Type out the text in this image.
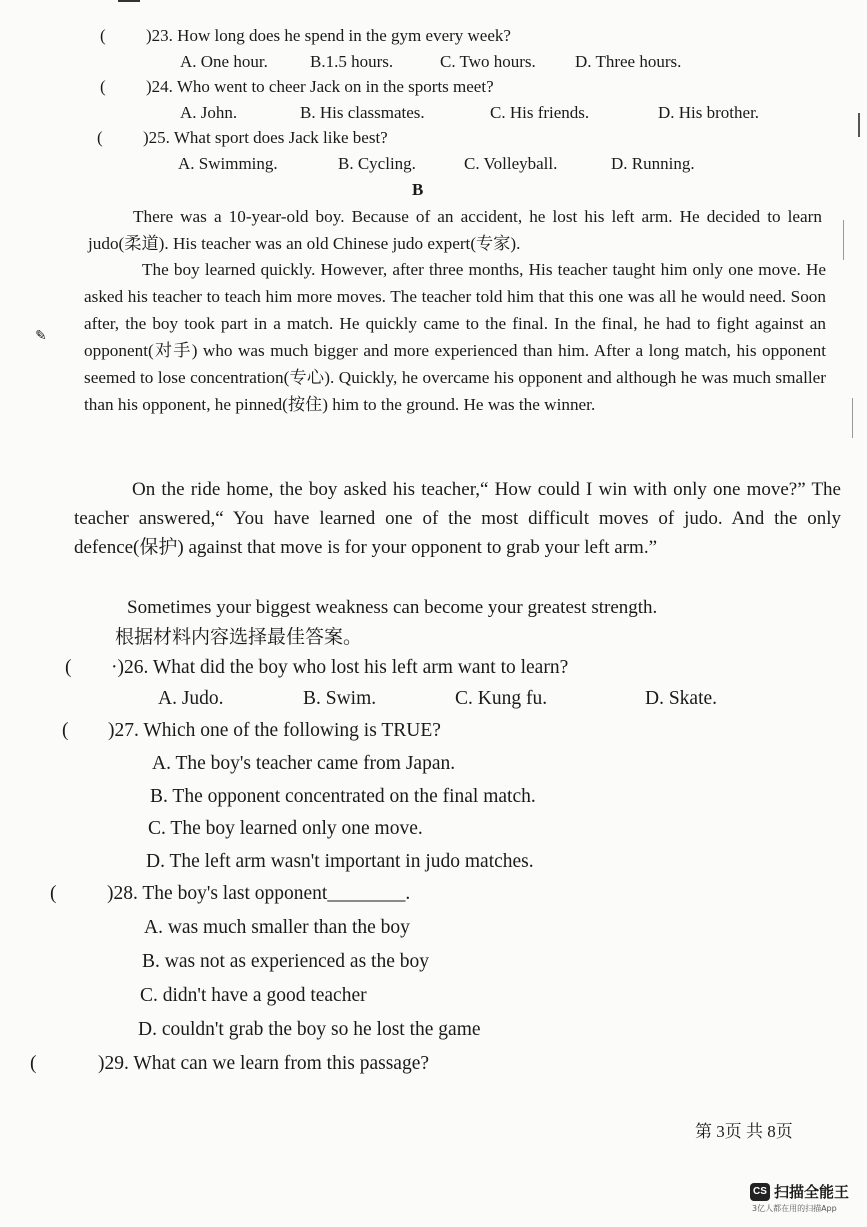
( )23. How long does he spend in the gym every week?
A. One hour. B.1.5 hours.	C. Two hours. D. Three hours.
( )24. Who went to cheer Jack on in the sports meet?
A. John.	B. His classmates.	C. His friends.	D. His brother.
( )25. What sport does Jack like best?
A. Swimming.	B. Cycling.	C. Volleyball.	D. Running.
B
There was a 10-year-old boy. Because of an accident, he lost his left arm. He decided to learn judo(柔道). His teacher was an old Chinese judo expert(专家).
The boy learned quickly. However, after three months, His teacher taught him only one move. He asked his teacher to teach him more moves. The teacher told him that this one was all he would need. Soon after, the boy took part in a match. He quickly came to the final. In the final, he had to fight against an opponent(对手) who was much bigger and more experienced than him. After a long match, his opponent seemed to lose concentration(专心). Quickly, he overcame his opponent and although he was much smaller than his opponent, he pinned(按住) him to the ground. He was the winner.
On the ride home, the boy asked his teacher,“ How could I win with only one move?” The teacher answered,“ You have learned one of the most difficult moves of judo. And the only defence(保护) against that move is for your opponent to grab your left arm.”
Sometimes your biggest weakness can become your greatest strength.
根据材料内容选择最佳答案。
( ·)26. What did the boy who lost his left arm want to learn?
A. Judo.	B. Swim.	C. Kung fu.	D. Skate.
( )27. Which one of the following is TRUE?
A. The boy's teacher came from Japan.
B. The opponent concentrated on the final match.
C. The boy learned only one move.
D. The left arm wasn't important in judo matches.
(	)28. The boy's last opponent________.
A. was much smaller than the boy
B. was not as experienced as the boy
C. didn't have a good teacher
D. couldn't grab the boy so he lost the game
(	)29. What can we learn from this passage?
第 3页 共 8页
CS 扫描全能王
3亿人都在用的扫描App
ٛ✎
